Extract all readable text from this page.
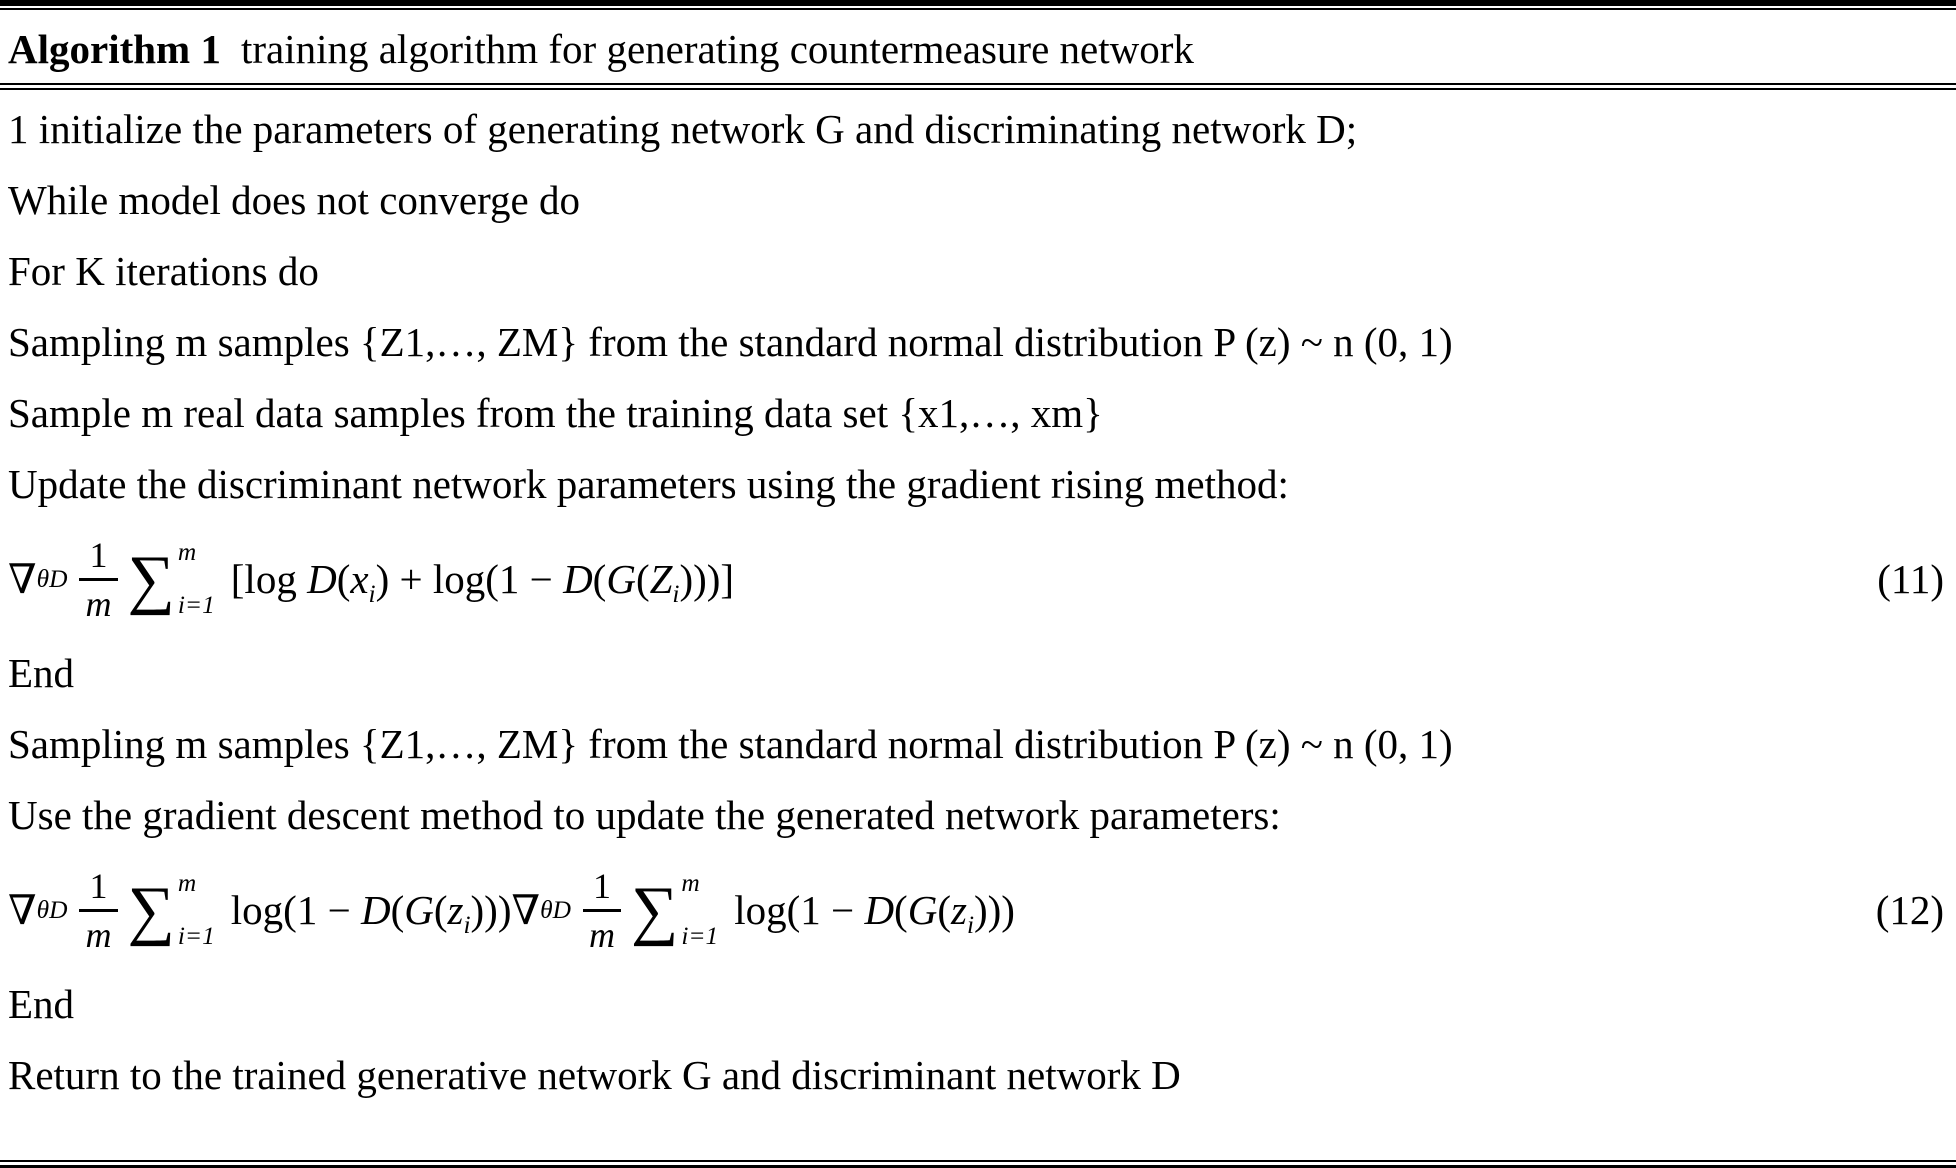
Algorithm 1 training algorithm for generating countermeasure network
1 initialize the parameters of generating network G and discriminating network D;
While model does not converge do
For K iterations do
Sampling m samples {Z1,…, ZM} from the standard normal distribution P (z) ~ n (0, 1)
Sample m real data samples from the training data set {x1,…, xm}
Update the discriminant network parameters using the gradient rising method:
∇ θD $\frac{1}{m}$ ∑ m
i=1
[log $D(x_i) + \log(1 - D(G(Z_i)))$]	(11)
End
Sampling m samples {Z1,…, ZM} from the standard normal distribution P (z) ~ n (0, 1)
Use the gradient descent method to update the generated network parameters:
∇ θD $\frac{1}{m}$ ∑ m
i=1
$\log(1 - D(G(z_i)))$ ∇ θD $\frac{1}{m}$ ∑ m
i=1
$\log(1 - D(G(z_i)))$	(12)
End
Return to the trained generative network G and discriminant network D
